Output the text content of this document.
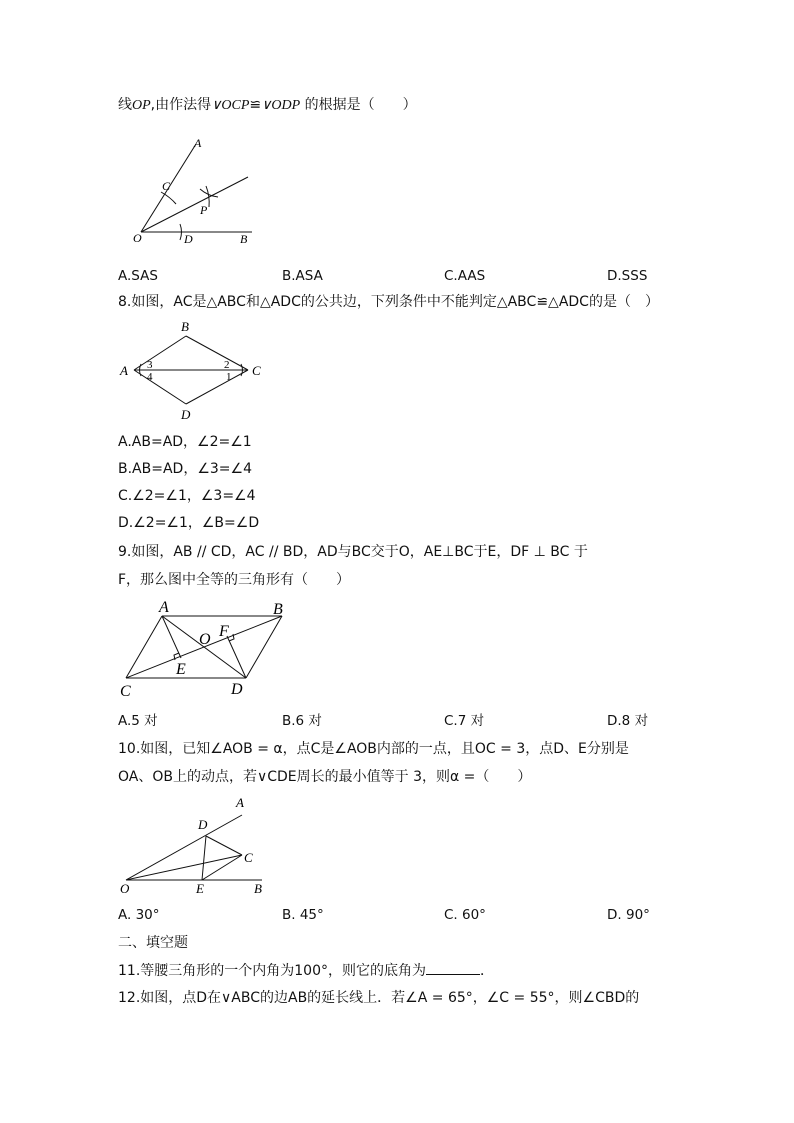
线OP,由作法得∨OCP≌∨ODP 的根据是（　　）
A
C
P
O	D	B
A.SAS	B.ASA	C.AAS	D.SSS
8.如图，AC是△ABC和△ADC的公共边，下列条件中不能判定△ABC≌△ADC的是（　）
A
B
C
D
1
2
3
4
A.AB=AD，∠2=∠1
B.AB=AD，∠3=∠4
C.∠2=∠1，∠3=∠4
D.∠2=∠1，∠B=∠D
9.如图，AB // CD，AC // BD，AD与BC交于O，AE⊥BC于E，DF ⊥ BC 于
F，那么图中全等的三角形有（　　）
A	B
C	D
O
E
F
A.5 对	B.6 对	C.7 对	D.8 对
10.如图，已知∠AOB = α，点C是∠AOB内部的一点，且OC = 3，点D、E分别是
OA、OB上的动点，若∨CDE周长的最小值等于 3，则α =（　　）
A
D
C
O	E	B
A. 30°	B. 45°	C. 60°	D. 90°
二、填空题
11.等腰三角形的一个内角为100°，则它的底角为	．
12.如图，点D在∨ABC的边AB的延长线上．若∠A = 65°，∠C = 55°，则∠CBD的
